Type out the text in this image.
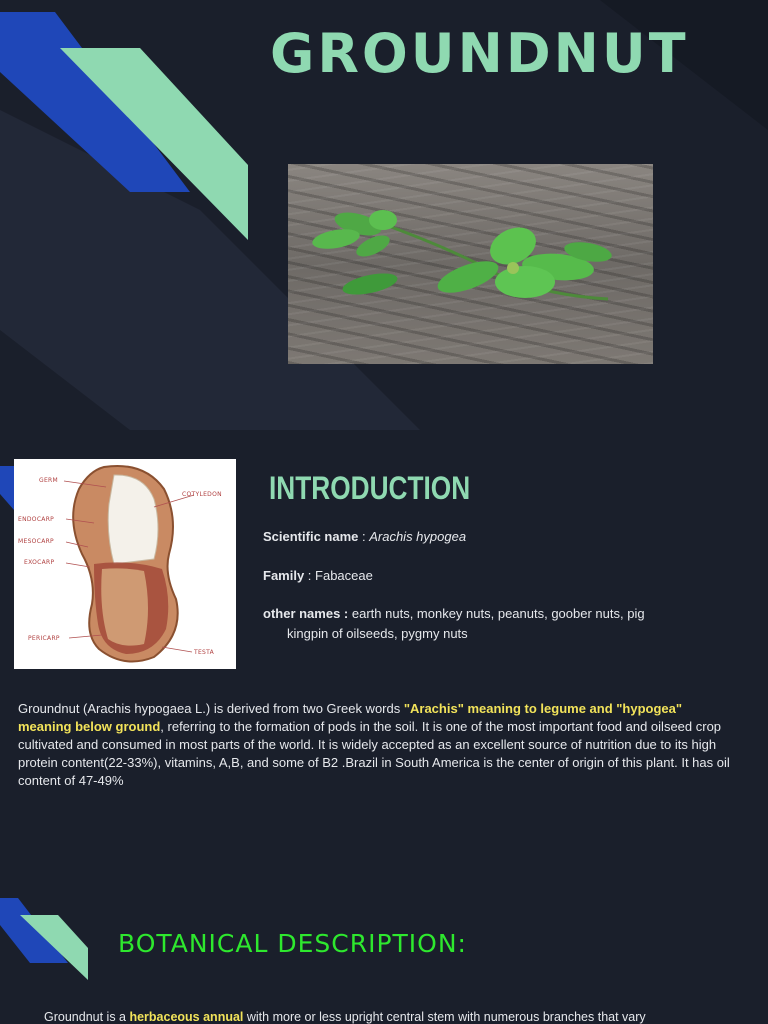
GROUNDNUT
GERM
COTYLEDON
ENDOCARP
MESOCARP
EXOCARP
PERICARP
TESTA
INTRODUCTION
Scientific name : Arachis hypogea
Family : Fabaceae
other names : earth nuts, monkey nuts, peanuts, goober nuts, pig
kingpin of oilseeds, pygmy nuts

Groundnut (Arachis hypogaea L.) is derived from two Greek words "Arachis" meaning to legume and "hypogea" meaning below ground, referring to the formation of pods in the soil. It is one of the most important food and oilseed crop cultivated and consumed in most parts of the world. It is widely accepted as an excellent source of nutrition due to its high protein content(22-33%), vitamins, A,B, and some of B2 .Brazil in South America is the center of origin of this plant. It has oil content of 47-49%

BOTANICAL DESCRIPTION:

Groundnut is a herbaceous annual with more or less upright central stem with numerous branches that vary
